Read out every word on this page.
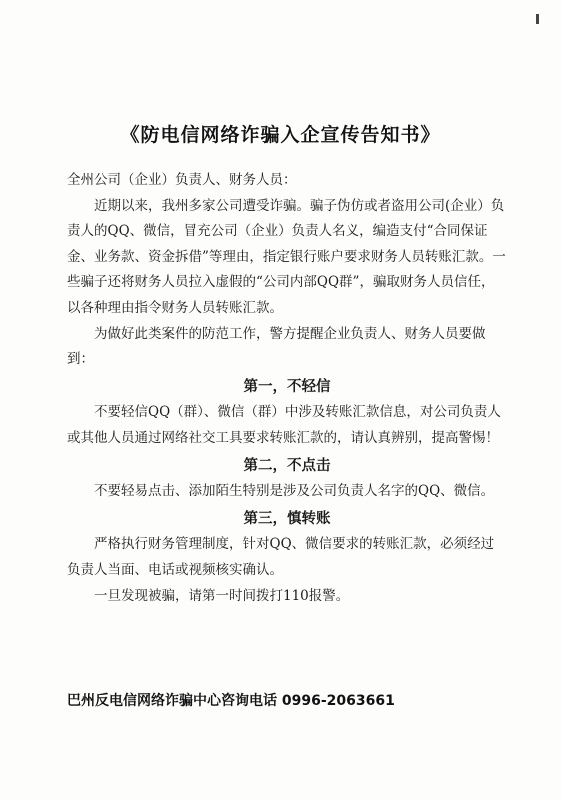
《防电信网络诈骗入企宣传告知书》

全州公司（企业）负责人、财务人员：

近期以来，我州多家公司遭受诈骗。骗子伪仿或者盗用公司(企业）负责人的QQ、微信，冒充公司（企业）负责人名义，编造支付“合同保证金、业务款、资金拆借”等理由，指定银行账户要求财务人员转账汇款。一些骗子还将财务人员拉入虚假的“公司内部QQ群”，骗取财务人员信任，以各种理由指令财务人员转账汇款。

为做好此类案件的防范工作，警方提醒企业负责人、财务人员要做到：

第一，不轻信

不要轻信QQ（群）、微信（群）中涉及转账汇款信息，对公司负责人或其他人员通过网络社交工具要求转账汇款的，请认真辨别，提高警惕！

第二，不点击

不要轻易点击、添加陌生特别是涉及公司负责人名字的QQ、微信。

第三，慎转账

严格执行财务管理制度，针对QQ、微信要求的转账汇款，必须经过负责人当面、电话或视频核实确认。

一旦发现被骗，请第一时间拨打110报警。

巴州反电信网络诈骗中心咨询电话 0996-2063661
